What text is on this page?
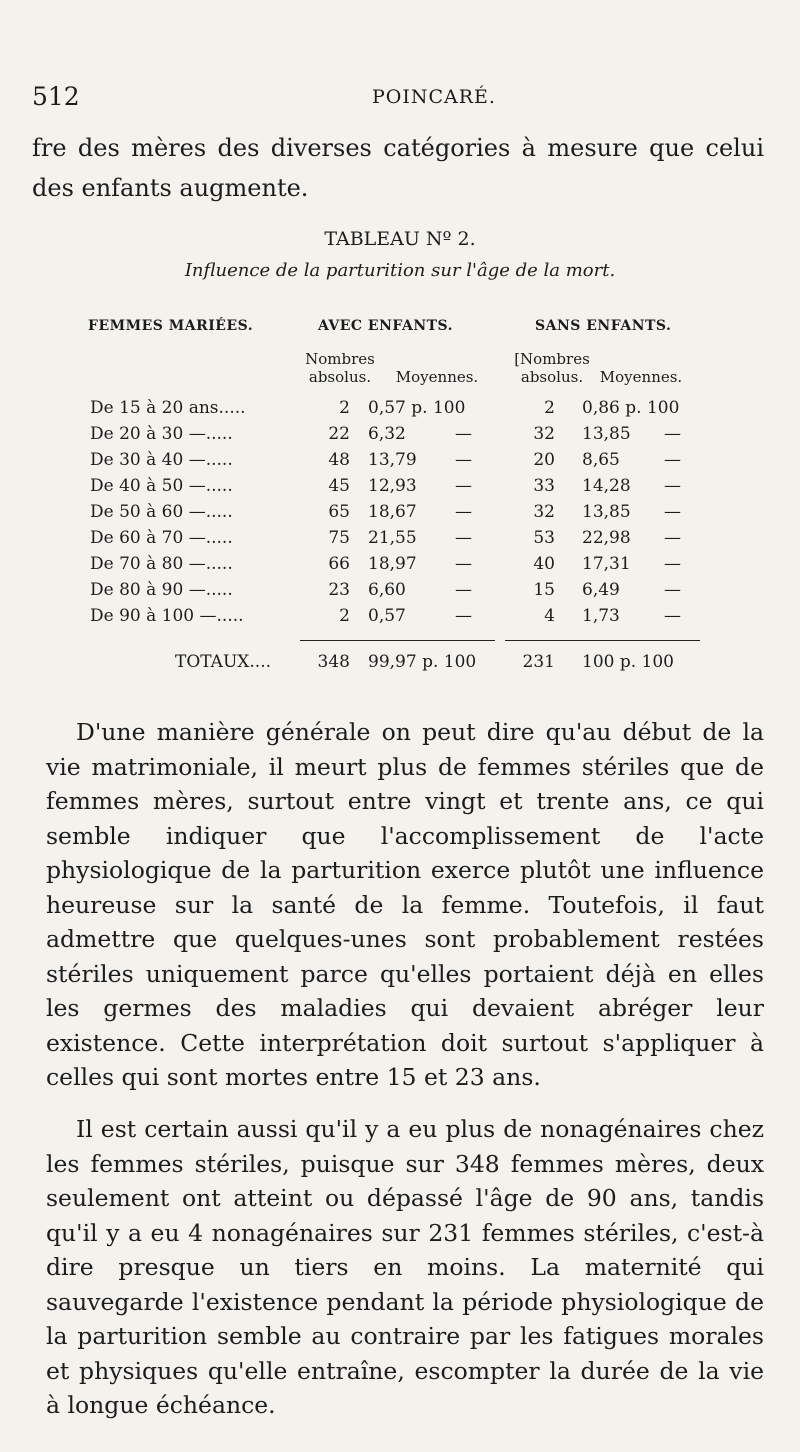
512	POINCARÉ.
fre des mères des diverses catégories à mesure que celui des enfants augmente.
TABLEAU Nº 2.
Influence de la parturition sur l'âge de la mort.
FEMMES MARIÉES.	AVEC ENFANTS.	SANS ENFANTS.
Nombres absolus.	Moyennes.
[Nombres absolus.	Moyennes.
De 15 à 20 ans.....	2 0,57 p. 100	2 0,86 p. 100
De 20 à 30 —.....	22 6,32	—	32 13,85 —
De 30 à 40 —.....	48 13,79 —	20 8,65	—
De 40 à 50 —.....	45 12,93 —	33 14,28 —
De 50 à 60 —.....	65 18,67 —	32 13,85 —
De 60 à 70 —.....	75 21,55 —	53 22,98 —
De 70 à 80 —.....	66 18,97 —	40 17,31 —
De 80 à 90 —.....	23 6,60	—	15 6,49	—
De 90 à 100 —.....	2 0,57	—	4 1,73	—
TOTAUX....	348 99,97 p. 100	231 100 p. 100
D'une manière générale on peut dire qu'au début de la vie matrimoniale, il meurt plus de femmes stériles que de femmes mères, surtout entre vingt et trente ans, ce qui semble indiquer que l'accomplissement de l'acte physiologique de la parturition exerce plutôt une influence heureuse sur la santé de la femme. Toutefois, il faut admettre que quelques-unes sont probablement restées stériles uniquement parce qu'elles portaient déjà en elles les germes des maladies qui devaient abréger leur existence. Cette interprétation doit surtout s'appliquer à celles qui sont mortes entre 15 et 23 ans.
Il est certain aussi qu'il y a eu plus de nonagénaires chez les femmes stériles, puisque sur 348 femmes mères, deux seulement ont atteint ou dépassé l'âge de 90 ans, tandis qu'il y a eu 4 nonagénaires sur 231 femmes stériles, c'est-à dire presque un tiers en moins. La maternité qui sauvegarde l'existence pendant la période physiologique de la parturition semble au contraire par les fatigues morales et physiques qu'elle entraîne, escompter la durée de la vie à longue échéance.
